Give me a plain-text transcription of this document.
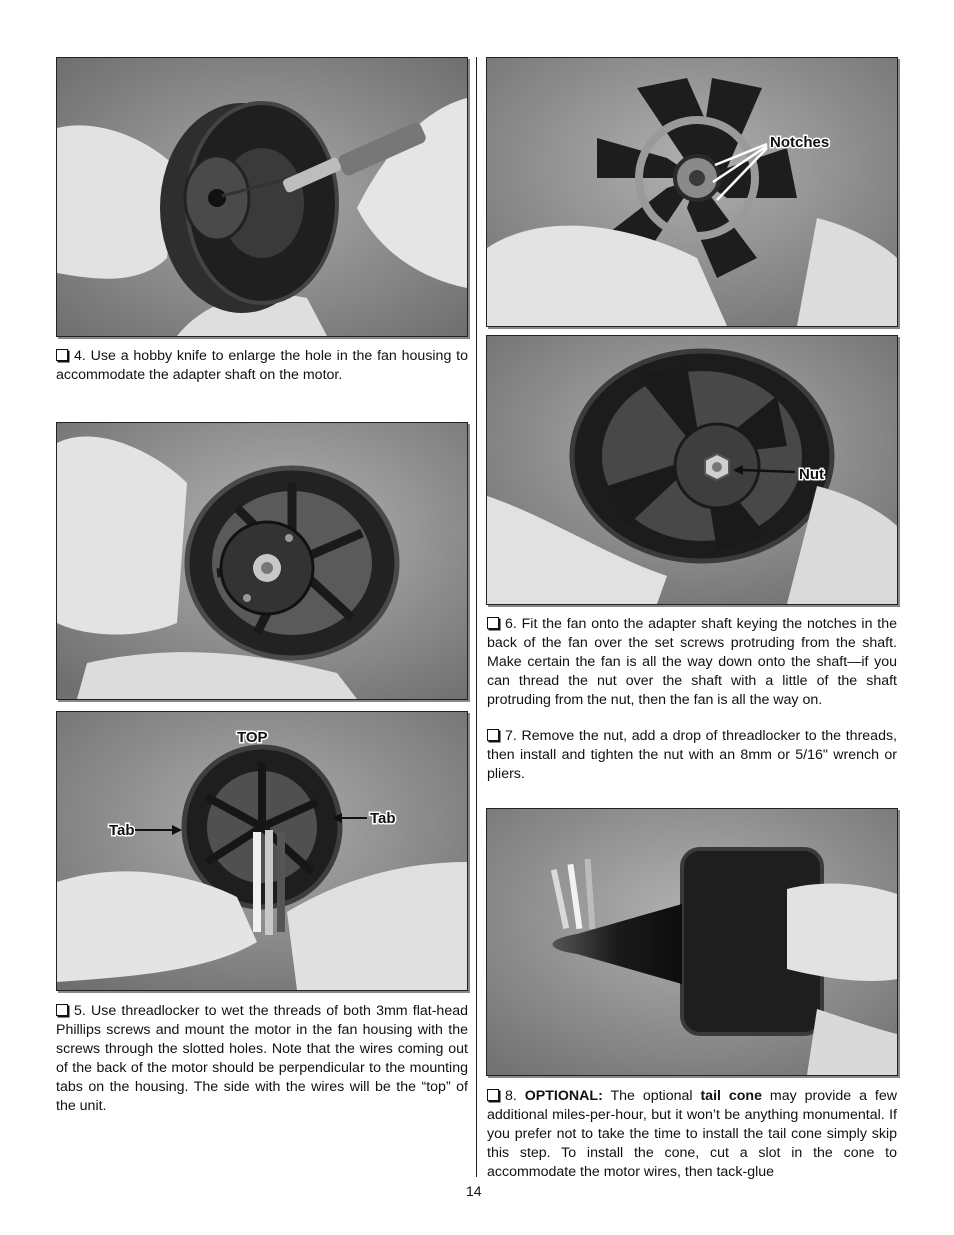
4. Use a hobby knife to enlarge the hole in the fan housing to accommodate the adapter shaft on the motor.

TOP
Tab
Tab

5. Use threadlocker to wet the threads of both 3mm flat-head Phillips screws and mount the motor in the fan housing with the screws through the slotted holes. Note that the wires coming out of the back of the motor should be perpendicular to the mounting tabs on the housing. The side with the wires will be the “top” of the unit.

Notches
Nut

6. Fit the fan onto the adapter shaft keying the notches in the back of the fan over the set screws protruding from the shaft. Make certain the fan is all the way down onto the shaft—if you can thread the nut over the shaft with a little of the shaft protruding from the nut, then the fan is all the way on.

7. Remove the nut, add a drop of threadlocker to the threads, then install and tighten the nut with an 8mm or 5/16" wrench or pliers.

8. OPTIONAL: The optional tail cone may provide a few additional miles-per-hour, but it won’t be anything monumental. If you prefer not to take the time to install the tail cone simply skip this step. To install the cone, cut a slot in the cone to accommodate the motor wires, then tack-glue

14
